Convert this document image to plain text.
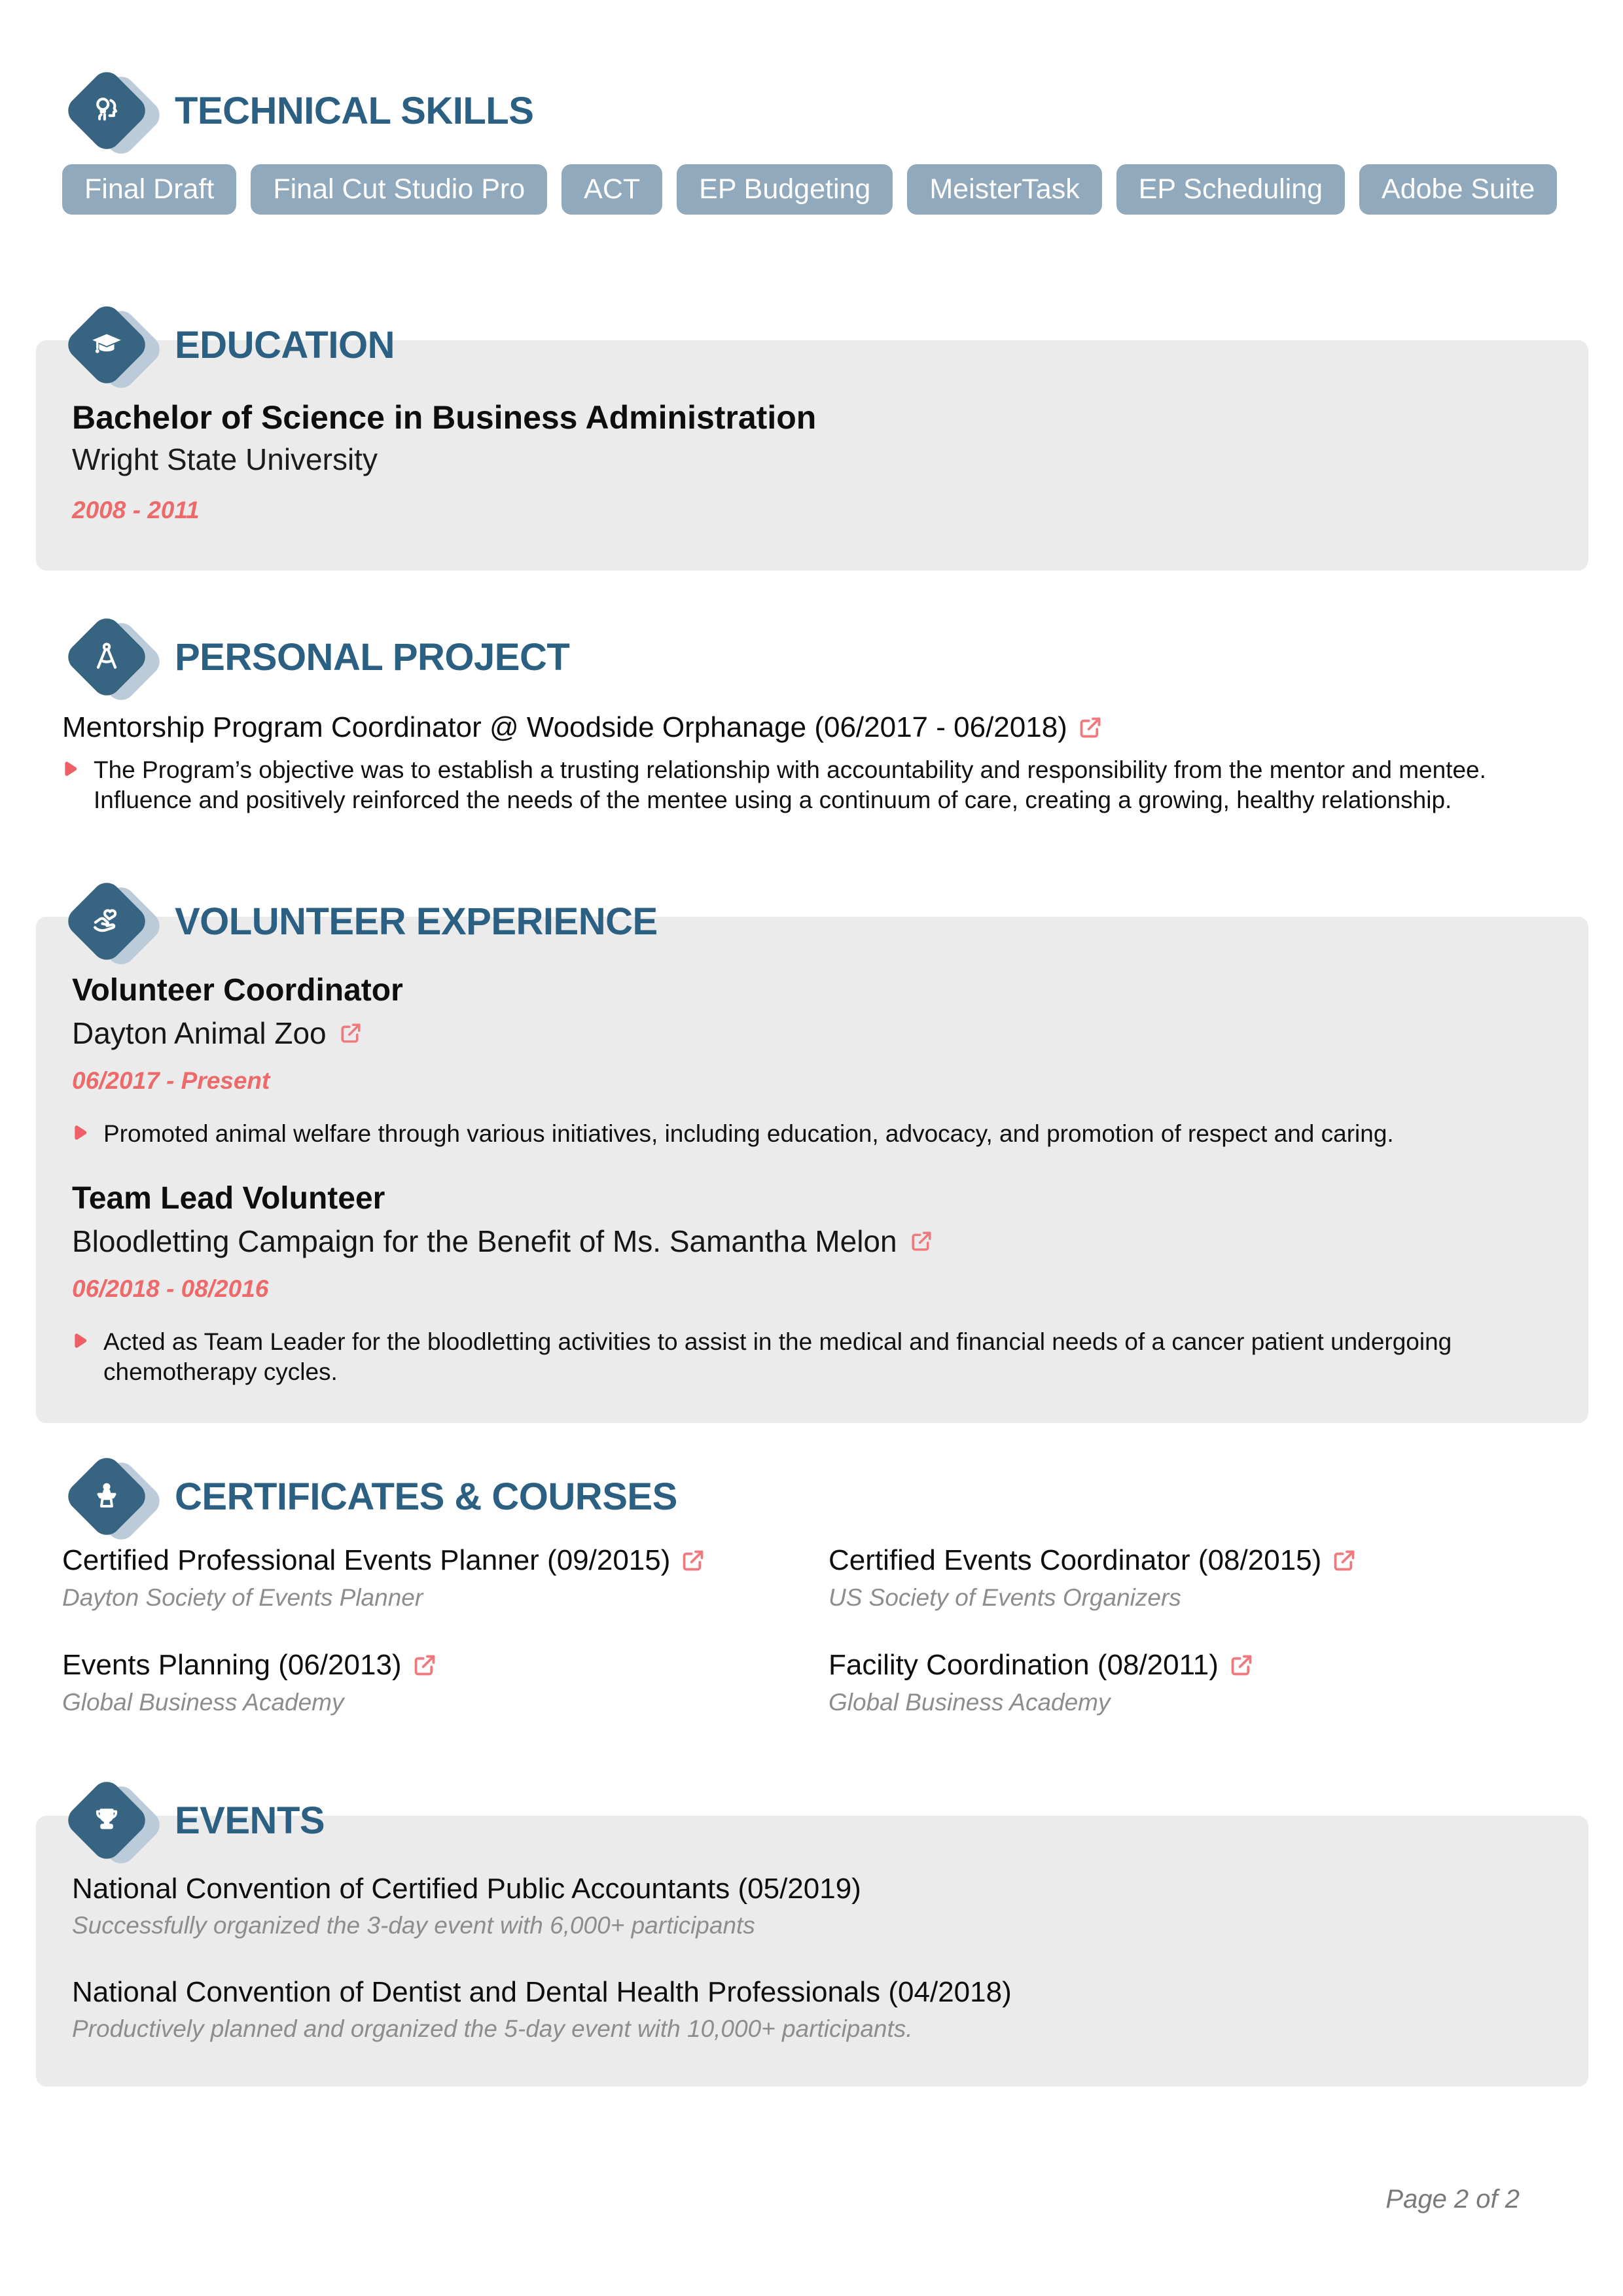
TECHNICAL SKILLS
Final Draft	Final Cut Studio Pro	ACT	EP Budgeting	MeisterTask	EP Scheduling	Adobe Suite
EDUCATION
Bachelor of Science in Business Administration
Wright State University
2008 - 2011
PERSONAL PROJECT
Mentorship Program Coordinator @ Woodside Orphanage (06/2017 - 06/2018)

The Program’s objective was to establish a trusting relationship with accountability and responsibility from the mentor and mentee. Influence and positively reinforced the needs of the mentee using a continuum of care, creating a growing, healthy relationship.

VOLUNTEER EXPERIENCE
Volunteer Coordinator
Dayton Animal Zoo
06/2017 - Present

Promoted animal welfare through various initiatives, including education, advocacy, and promotion of respect and caring.

Team Lead Volunteer
Bloodletting Campaign for the Benefit of Ms. Samantha Melon
06/2018 - 08/2016

Acted as Team Leader for the bloodletting activities to assist in the medical and financial needs of a cancer patient undergoing chemotherapy cycles.

CERTIFICATES & COURSES
Certified Professional Events Planner (09/2015)
Dayton Society of Events Planner
Certified Events Coordinator (08/2015)
US Society of Events Organizers
Events Planning (06/2013)
Global Business Academy
Facility Coordination (08/2011)
Global Business Academy
EVENTS
National Convention of Certified Public Accountants (05/2019)
Successfully organized the 3-day event with 6,000+ participants
National Convention of Dentist and Dental Health Professionals (04/2018)
Productively planned and organized the 5-day event with 10,000+ participants.
Page 2 of 2
